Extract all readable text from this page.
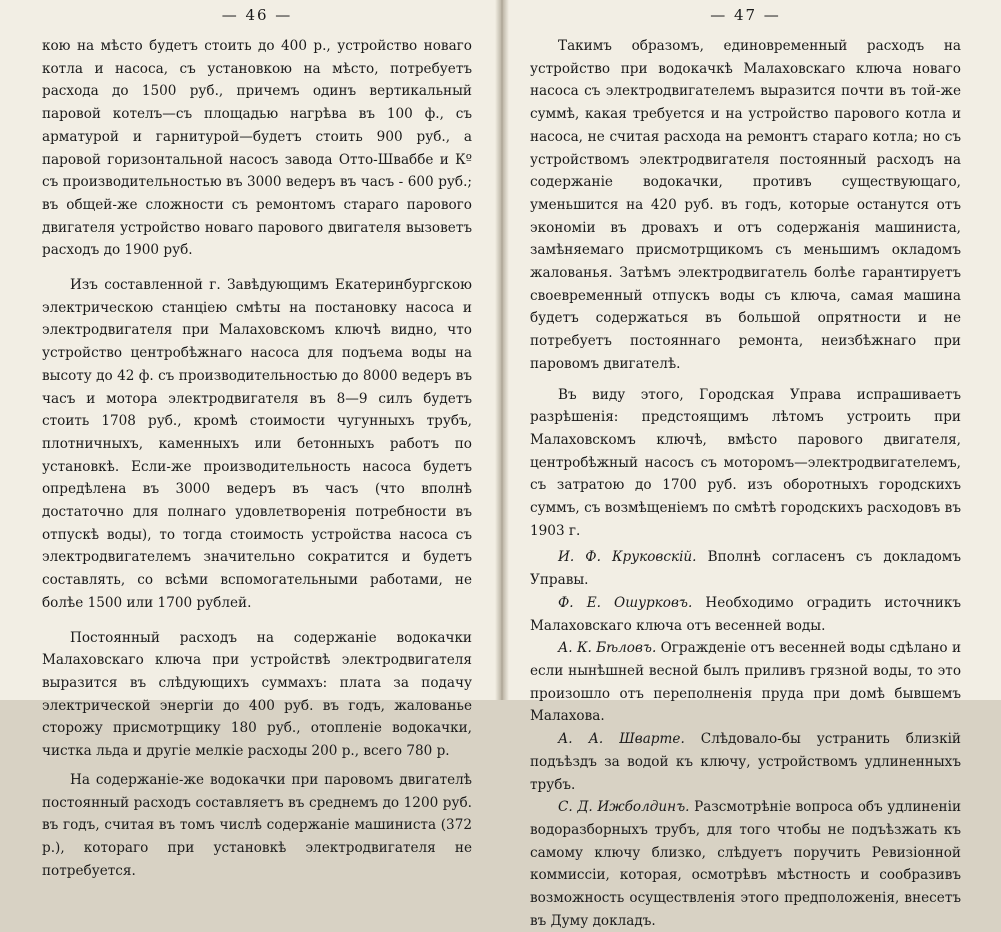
— 46 —

кою на мѣсто будетъ стоить до 400 р., устройство новаго котла и насоса, съ установкою на мѣсто, потребуетъ расхода до 1500 руб., причемъ одинъ вертикальный паровой котелъ—съ площадью нагрѣва въ 100 ф., съ арматурой и гарнитурой—будетъ стоить 900 руб., а паровой горизонтальной насосъ завода Отто-Шваббе и Кº съ производительностью въ 3000 ведеръ въ часъ - 600 руб.; въ общей-же сложности съ ремонтомъ стараго парового двигателя устройство новаго парового двигателя вызоветъ расходъ до 1900 руб.

Изъ составленной г. Завѣдующимъ Екатеринбургскою электрическою станціею смѣты на постановку насоса и электродвигателя при Малаховскомъ ключѣ видно, что устройство центробѣжнаго насоса для подъема воды на высоту до 42 ф. съ производительностью до 8000 ведеръ въ часъ и мотора электродвигателя въ 8—9 силъ будетъ стоить 1708 руб., кромѣ стоимости чугунныхъ трубъ, плотничныхъ, каменныхъ или бетонныхъ работъ по установкѣ. Если-же производительность насоса будетъ опредѣлена въ 3000 ведеръ въ часъ (что вполнѣ достаточно для полнаго удовлетворенія потребности въ отпускѣ воды), то тогда стоимость устройства насоса съ электродвигателемъ значительно сократится и будетъ составлять, со всѣми вспомогательными работами, не болѣе 1500 или 1700 рублей.

Постоянный расходъ на содержаніе водокачки Малаховскаго ключа при устройствѣ электродвигателя выразится въ слѣдующихъ суммахъ: плата за подачу электрической энергіи до 400 руб. въ годъ, жалованье сторожу присмотрщику 180 руб., отопленіе водокачки, чистка льда и другіе мелкіе расходы 200 р., всего 780 р.

На содержаніе-же водокачки при паровомъ двигателѣ постоянный расходъ составляетъ въ среднемъ до 1200 руб. въ годъ, считая въ томъ числѣ содержаніе машиниста (372 р.), котораго при установкѣ электродвигателя не потребуется.

— 47 —

Такимъ образомъ, единовременный расходъ на устройство при водокачкѣ Малаховскаго ключа новаго насоса съ электродвигателемъ выразится почти въ той-же суммѣ, какая требуется и на устройство парового котла и насоса, не считая расхода на ремонтъ стараго котла; но съ устройствомъ электродвигателя постоянный расходъ на содержаніе водокачки, противъ существующаго, уменьшится на 420 руб. въ годъ, которые останутся отъ экономіи въ дровахъ и отъ содержанія машиниста, замѣняемаго присмотрщикомъ съ меньшимъ окладомъ жалованья. Затѣмъ электродвигатель болѣе гарантируетъ своевременный отпускъ воды съ ключа, самая машина будетъ содержаться въ большой опрятности и не потребуетъ постояннаго ремонта, неизбѣжнаго при паровомъ двигателѣ.

Въ виду этого, Городская Управа испрашиваетъ разрѣшенія: предстоящимъ лѣтомъ устроить при Малаховскомъ ключѣ, вмѣсто парового двигателя, центробѣжный насосъ съ моторомъ—электродвигателемъ, съ затратою до 1700 руб. изъ оборотныхъ городскихъ суммъ, съ возмѣщеніемъ по смѣтѣ городскихъ расходовъ въ 1903 г.

И. Ф. Круковскій. Вполнѣ согласенъ съ докладомъ Управы.

Ф. Е. Ошурковъ. Необходимо оградить источникъ Малаховскаго ключа отъ весенней воды.

А. К. Бѣловъ. Огражденіе отъ весенней воды сдѣлано и если нынѣшней весной былъ приливъ грязной воды, то это произошло отъ переполненія пруда при домѣ бывшемъ Малахова.

А. А. Шварте. Слѣдовало-бы устранить близкій подъѣздъ за водой къ ключу, устройствомъ удлиненныхъ трубъ.

С. Д. Ижболдинъ. Разсмотрѣніе вопроса объ удлиненіи водоразборныхъ трубъ, для того чтобы не подъѣзжать къ самому ключу близко, слѣдуетъ поручить Ревизіонной коммиссіи, которая, осмотрѣвъ мѣстность и сообразивъ возможность осуществленія этого предположенія, внесетъ въ Думу докладъ.
